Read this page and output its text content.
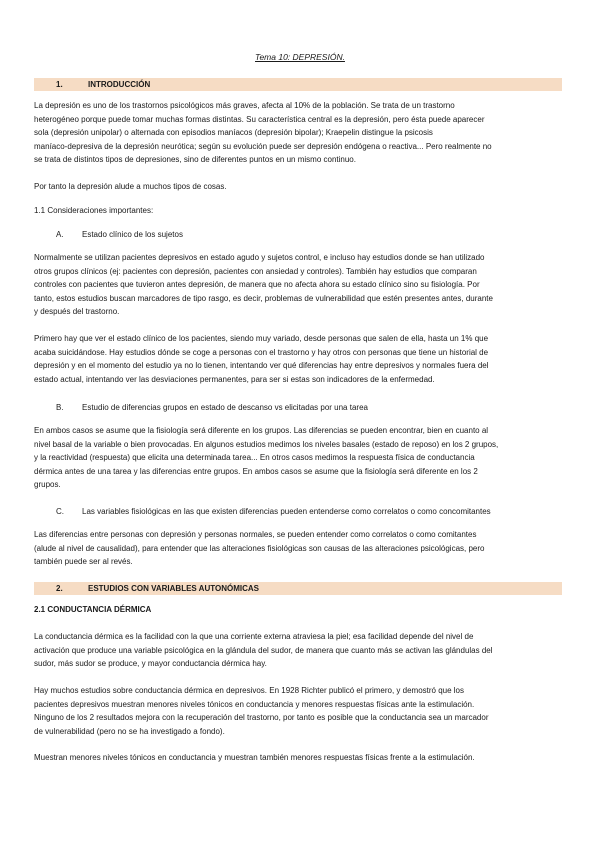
Tema 10: DEPRESIÓN.
1.	INTRODUCCIÓN
La depresión es uno de los trastornos psicológicos más graves, afecta al 10% de la población. Se trata de un trastorno
heterogéneo porque puede tomar muchas formas distintas. Su característica central es la depresión, pero ésta puede aparecer
sola (depresión unipolar) o alternada con episodios maníacos (depresión bipolar); Kraepelin distingue la psicosis
maníaco-depresiva de la depresión neurótica; según su evolución puede ser depresión endógena o reactiva... Pero realmente no
se trata de distintos tipos de depresiones, sino de diferentes puntos en un mismo continuo.
Por tanto la depresión alude a muchos tipos de cosas.
1.1 Consideraciones importantes:
A. Estado clínico de los sujetos
Normalmente se utilizan pacientes depresivos en estado agudo y sujetos control, e incluso hay estudios donde se han utilizado
otros grupos clínicos (ej: pacientes con depresión, pacientes con ansiedad y controles). También hay estudios que comparan
controles con pacientes que tuvieron antes depresión, de manera que no afecta ahora su estado clínico sino su fisiología. Por
tanto, estos estudios buscan marcadores de tipo rasgo, es decir, problemas de vulnerabilidad que estén presentes antes, durante
y después del trastorno.
Primero hay que ver el estado clínico de los pacientes, siendo muy variado, desde personas que salen de ella, hasta un 1% que
acaba suicidándose. Hay estudios dónde se coge a personas con el trastorno y hay otros con personas que tiene un historial de
depresión y en el momento del estudio ya no lo tienen, intentando ver qué diferencias hay entre depresivos y normales fuera del
estado actual, intentando ver las desviaciones permanentes, para ser si estas son indicadores de la enfermedad.
B. Estudio de diferencias grupos en estado de descanso vs elicitadas por una tarea
En ambos casos se asume que la fisiología será diferente en los grupos. Las diferencias se pueden encontrar, bien en cuanto al
nivel basal de la variable o bien provocadas. En algunos estudios medimos los niveles basales (estado de reposo) en los 2 grupos,
y la reactividad (respuesta) que elicita una determinada tarea... En otros casos medimos la respuesta física de conductancia
dérmica antes de una tarea y las diferencias entre grupos. En ambos casos se asume que la fisiología será diferente en los 2
grupos.
C. Las variables fisiológicas en las que existen diferencias pueden entenderse como correlatos o como concomitantes
Las diferencias entre personas con depresión y personas normales, se pueden entender como correlatos o como comitantes
(alude al nivel de causalidad), para entender que las alteraciones fisiológicas son causas de las alteraciones psicológicas, pero
también puede ser al revés.
2.	ESTUDIOS CON VARIABLES AUTONÓMICAS
2.1 CONDUCTANCIA DÉRMICA
La conductancia dérmica es la facilidad con la que una corriente externa atraviesa la piel; esa facilidad depende del nivel de
activación que produce una variable psicológica en la glándula del sudor, de manera que cuanto más se activan las glándulas del
sudor, más sudor se produce, y mayor conductancia dérmica hay.
Hay muchos estudios sobre conductancia dérmica en depresivos. En 1928 Richter publicó el primero, y demostró que los
pacientes depresivos muestran menores niveles tónicos en conductancia y menores respuestas físicas ante la estimulación.
Ninguno de los 2 resultados mejora con la recuperación del trastorno, por tanto es posible que la conductancia sea un marcador
de vulnerabilidad (pero no se ha investigado a fondo).
Muestran menores niveles tónicos en conductancia y muestran también menores respuestas físicas frente a la estimulación.
